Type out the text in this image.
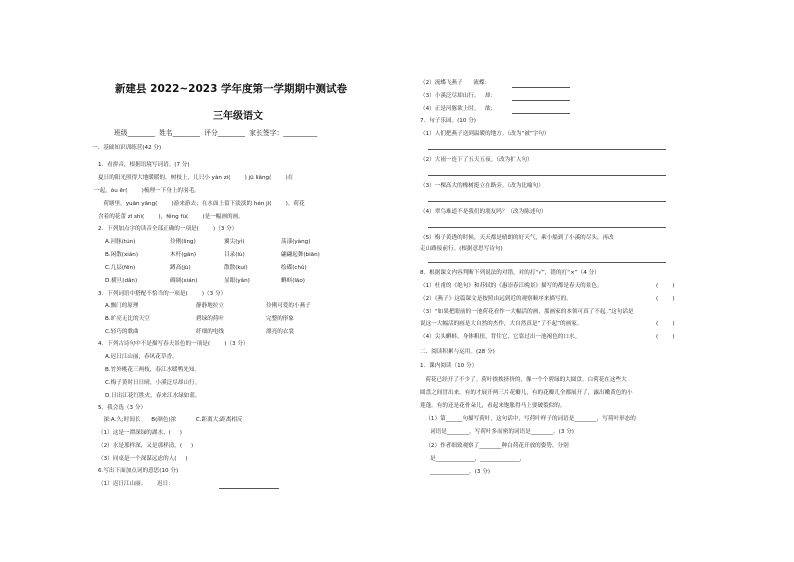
新建县 2022~2023 学年度第一学期期中测试卷
三年级语文
班级________  姓名________  评分________  家长签字：__________
一、基础知识训练营(42 分)
1．看拼音，根据语境写词语。(7 分)
夏日的阳光照得大地暖暖的，树枝上，几只小 yàn zi(        ) jū liǎng(        )在
一起，ǒu ěr(        )梳理一下身上的羽毛。
荷塘里，yuān yāng(        )游来游去；在水面上留下淡淡的 hén jì(        )。荷花
含着的花蕾 zī shì(        )，fěng fù(        )是一幅画的画。
2．下列加点字的读音全部正确的一项是(        )（3 分）
A.河豚(tún)	伶俐(lìng)	翼尖(yì)	荡漾(yàng)
B.闲散(xián)	木杆(gān)	目录(lù)	翩翩起舞(biān)
C.几层(fēn)	蹲高(jù)	散散(kuí)	绘碟(chǔ)
D.横旦(dǎn)	碉调(xián)	显眼(yǎn)	蝌蚪(lāo)
3．下列词语中搭配不恰当的一项是(        )（3 分）
A.飘门的原理	静静地拉立	伶俐可爱的小燕子
B.旷亮无比的天空	碧绿的荷叶	完整的形象
C.轻巧的歌曲	纤细的电线	漂亮的衣裳
4．下列古诗句中不是描写春天景色的一项是(        )（3 分）
A.迟日江山丽，春风花草香。
B.竹外桃花三两枝，春江水暖鸭先知。
C.梅子黄时日日晴，小溪泛尽却山行。
D.日出江花红胜火，春来江水绿如蓝。
5．我会选（3 分）
深:A.久;时间长      B(颜色)浓           C.距离大;距离相反
（1）这是一潭深绿的湖水。(     )
（2）水是那样深，又是那样清。(     )
（3）同桌是一个深谋远虑的人(     )
6.写出下面加点词的意思(10 分)
（1）迟日江山丽。      迟日：
（2）流蝶飞燕子      流蝶：
（3）小溪泛尽却山行。   却：
（4）正是河豚欲上时。   欲：
7．句子乐园。(10 分)
（1）人们把燕子送到温暖的地方。（改为“被”字句）
（2）大雨一连下了五天五夜。（改为扩人句）
（3）一棵高大的橡树挺立在路旁。（改为比喻句）
（4）翠鸟难道不是我们的朋友吗？（改为陈述句）
（5）梅子黄透的时候，天天都是晴朗的好天气，乘小船到了小溪的尽头，再改
走山路接前行。(根据意思写诗句)
8．根据课文内容判断下列说法的对错，对的打“√”，错的打“×”（4 分）
（1）杜甫的《绝句》和苏轼的《惠崇春江晚景》描写的都是春天的景色。	(        )
（2）《燕子》这篇课文是按照由远到近的观察顺序来描写的。	(        )
（3）“如果把眼前的一池荷花看作一大幅活的画，那画家的本领可真了不起。”这句话是
说这一大幅活的画是大自然的杰作，大自然真是“了不起”的画家。	(        )
（4）尖头蝌蚪，身体粗扭，背往它，它靠过出一池褐色的口水。	(        )
二、阅读积累与运用。(28 分)
1．课内阅读（10 分）
荷花已经开了不少了。荷叶挨挨挤挤的，像一个个碧绿的大圆盘。白荷花在这些大
圆盘之间冒出来，有的才展开两三片花瓣儿，有的花瓣儿全都展开了，露出嫩黄色的小
莲蓬。有的还是花骨朵儿，看起来饱胀得马上要破裂似的。
（1）第______句描写荷叶，这句话中，写荷叶样子的词语是________，写荷叶形态的
词语是________，写荷叶多而密的词语是________。(3 分)
（2）作者细致观察了________种白荷花开放的姿势，分别
是______________，______________，
______________。(3 分)
